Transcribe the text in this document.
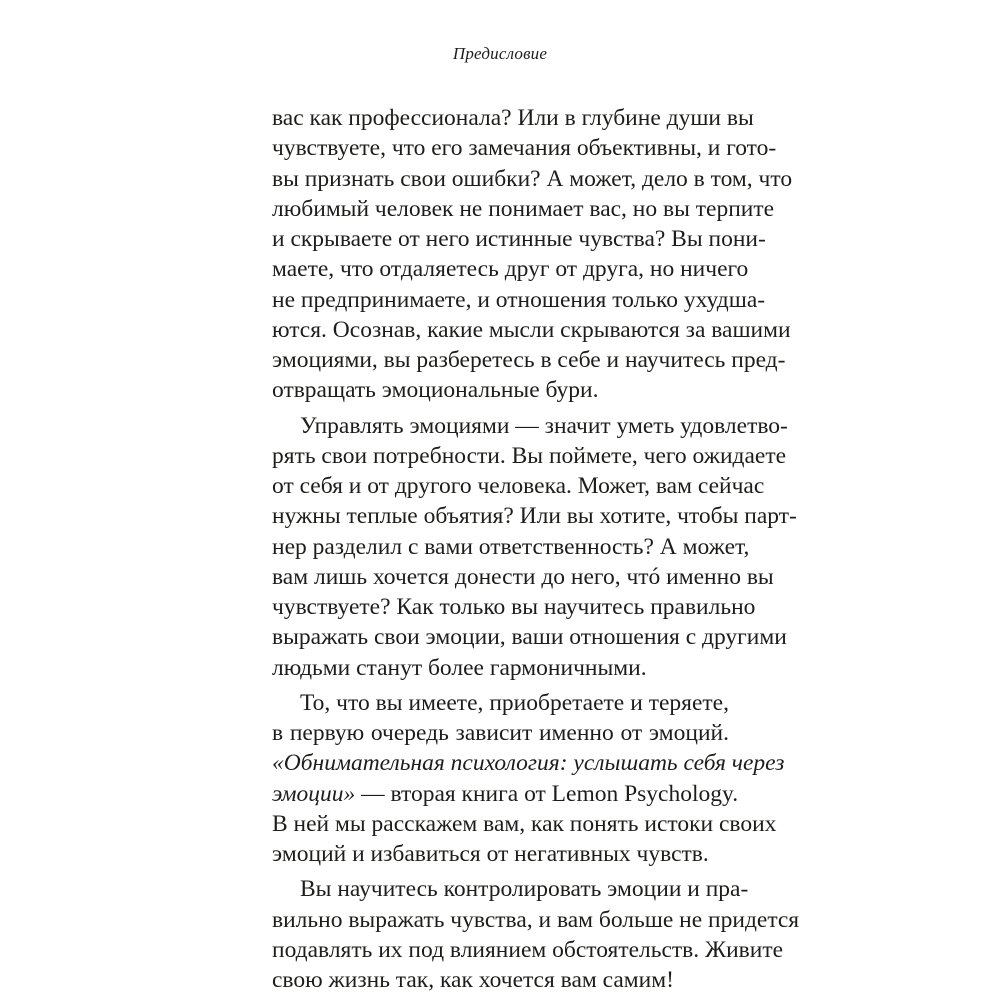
Предисловие
вас как профессионала? Или в глубине души вы
чувствуете, что его замечания объективны, и гото-
вы признать свои ошибки? А может, дело в том, что
любимый человек не понимает вас, но вы терпите
и скрываете от него истинные чувства? Вы пони-
маете, что отдаляетесь друг от друга, но ничего
не предпринимаете, и отношения только ухудша-
ются. Осознав, какие мысли скрываются за вашими
эмоциями, вы разберетесь в себе и научитесь пред-
отвращать эмоциональные бури.
Управлять эмоциями — значит уметь удовлетво-
рять свои потребности. Вы поймете, чего ожидаете
от себя и от другого человека. Может, вам сейчас
нужны теплые объятия? Или вы хотите, чтобы парт-
нер разделил с вами ответственность? А может,
вам лишь хочется донести до него, чтó именно вы
чувствуете? Как только вы научитесь правильно
выражать свои эмоции, ваши отношения с другими
людьми станут более гармоничными.
То, что вы имеете, приобретаете и теряете,
в первую очередь зависит именно от эмоций.
«Обнимательная психология: услышать себя через
эмоции» — вторая книга от Lemon Psychology.
В ней мы расскажем вам, как понять истоки своих
эмоций и избавиться от негативных чувств.
Вы научитесь контролировать эмоции и пра-
вильно выражать чувства, и вам больше не придется
подавлять их под влиянием обстоятельств. Живите
свою жизнь так, как хочется вам самим!
